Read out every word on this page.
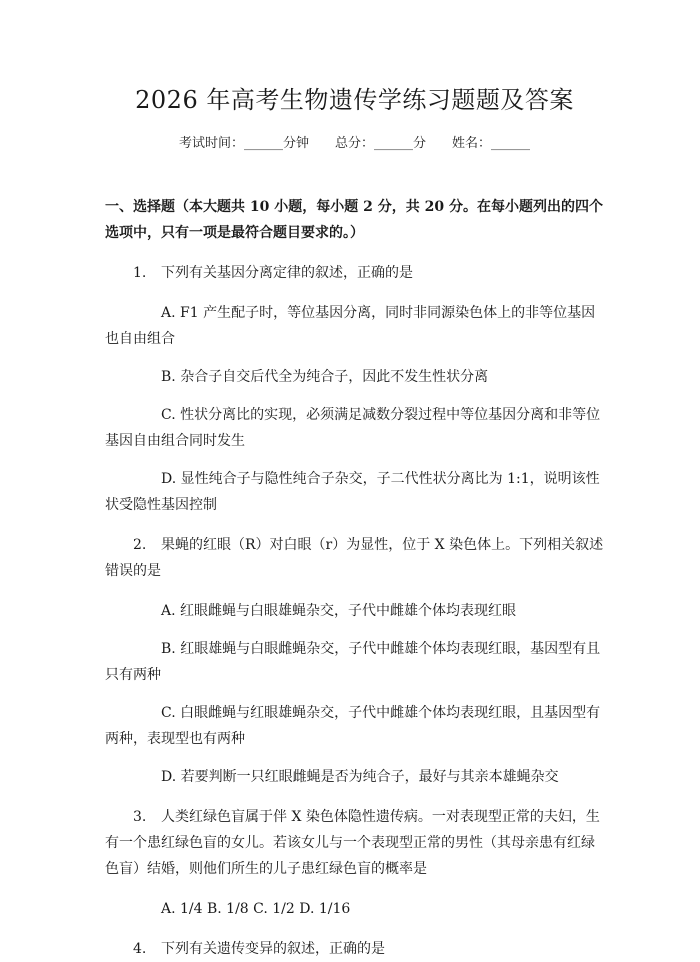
2026 年高考生物遗传学练习题题及答案
考试时间：______分钟 总分：______分 姓名：______
一、选择题（本大题共 10 小题，每小题 2 分，共 20 分。在每小题列出的四个选项中，只有一项是最符合题目要求的。）
1. 下列有关基因分离定律的叙述，正确的是
A. F1 产生配子时，等位基因分离，同时非同源染色体上的非等位基因也自由组合
B. 杂合子自交后代全为纯合子，因此不发生性状分离
C. 性状分离比的实现，必须满足减数分裂过程中等位基因分离和非等位基因自由组合同时发生
D. 显性纯合子与隐性纯合子杂交，子二代性状分离比为 1:1，说明该性状受隐性基因控制
2. 果蝇的红眼（R）对白眼（r）为显性，位于 X 染色体上。下列相关叙述错误的是
A. 红眼雌蝇与白眼雄蝇杂交，子代中雌雄个体均表现红眼
B. 红眼雄蝇与白眼雌蝇杂交，子代中雌雄个体均表现红眼，基因型有且只有两种
C. 白眼雌蝇与红眼雄蝇杂交，子代中雌雄个体均表现红眼，且基因型有两种，表现型也有两种
D. 若要判断一只红眼雌蝇是否为纯合子，最好与其亲本雄蝇杂交
3. 人类红绿色盲属于伴 X 染色体隐性遗传病。一对表现型正常的夫妇，生有一个患红绿色盲的女儿。若该女儿与一个表现型正常的男性（其母亲患有红绿色盲）结婚，则他们所生的儿子患红绿色盲的概率是
A. 1/4 B. 1/8 C. 1/2 D. 1/16
4. 下列有关遗传变异的叙述，正确的是
